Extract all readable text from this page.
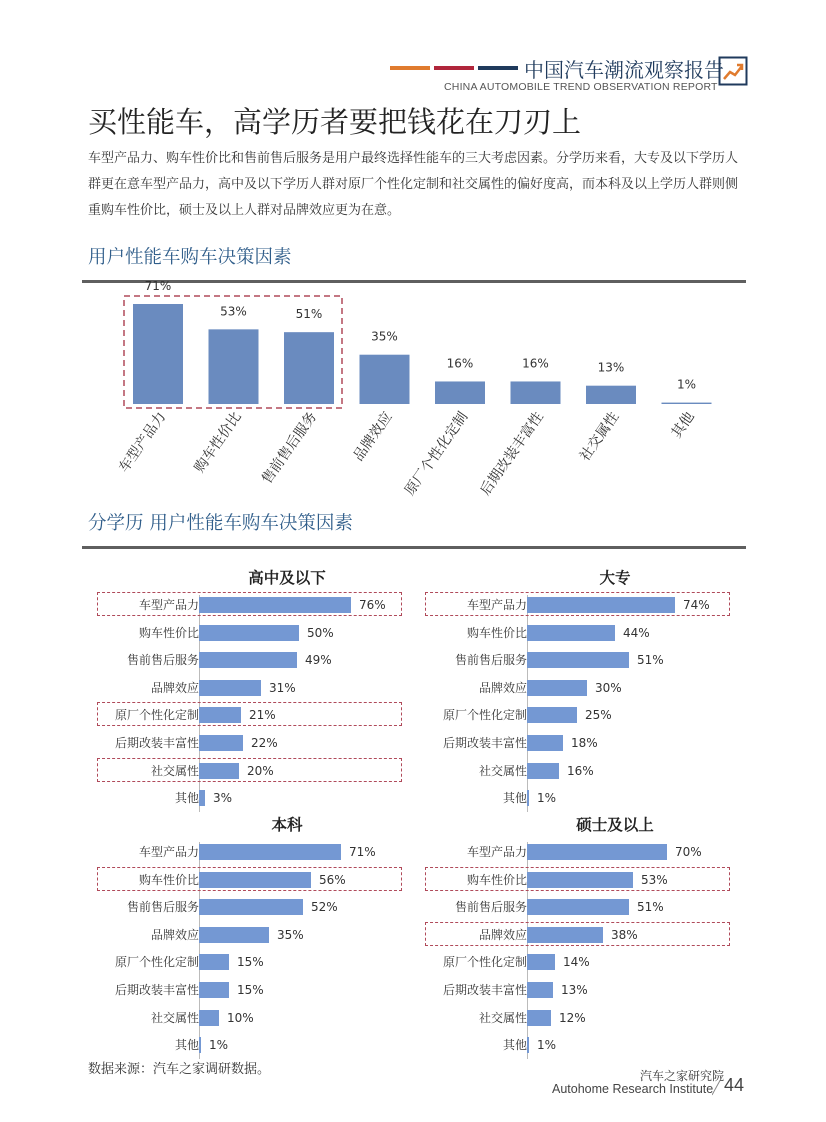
中国汽车潮流观察报告
CHINA AUTOMOBILE TREND OBSERVATION REPORT
买性能车，高学历者要把钱花在刀刃上
车型产品力、购车性价比和售前售后服务是用户最终选择性能车的三大考虑因素。分学历来看，大专及以下学历人群更在意车型产品力，高中及以下学历人群对原厂个性化定制和社交属性的偏好度高，而本科及以上学历人群则侧重购车性价比，硕士及以上人群对品牌效应更为在意。
用户性能车购车决策因素
71%
车型产品力
53%
购车性价比
51%
售前售后服务
35%
品牌效应
16%
原厂个性化定制
16%
后期改装丰富性
13%
社交属性
1%
其他
分学历 用户性能车购车决策因素
高中及以下
车型产品力	76%
购车性价比	50%
售前售后服务	49%
品牌效应	31%
原厂个性化定制	21%
后期改装丰富性	22%
社交属性	20%
其他 3%
大专
车型产品力	74%
购车性价比	44%
售前售后服务	51%
品牌效应	30%
原厂个性化定制	25%
后期改装丰富性	18%
社交属性	16%
其他 1%
本科
车型产品力	71%
购车性价比	56%
售前售后服务	52%
品牌效应	35%
原厂个性化定制	15%
后期改装丰富性	15%
社交属性 10%
其他 1%
硕士及以上
车型产品力	70%
购车性价比	53%
售前售后服务	51%
品牌效应	38%
原厂个性化定制	14%
后期改装丰富性	13%
社交属性	12%
其他 1%
数据来源：汽车之家调研数据。	汽车之家研究院
Autohome Research Institute 44
